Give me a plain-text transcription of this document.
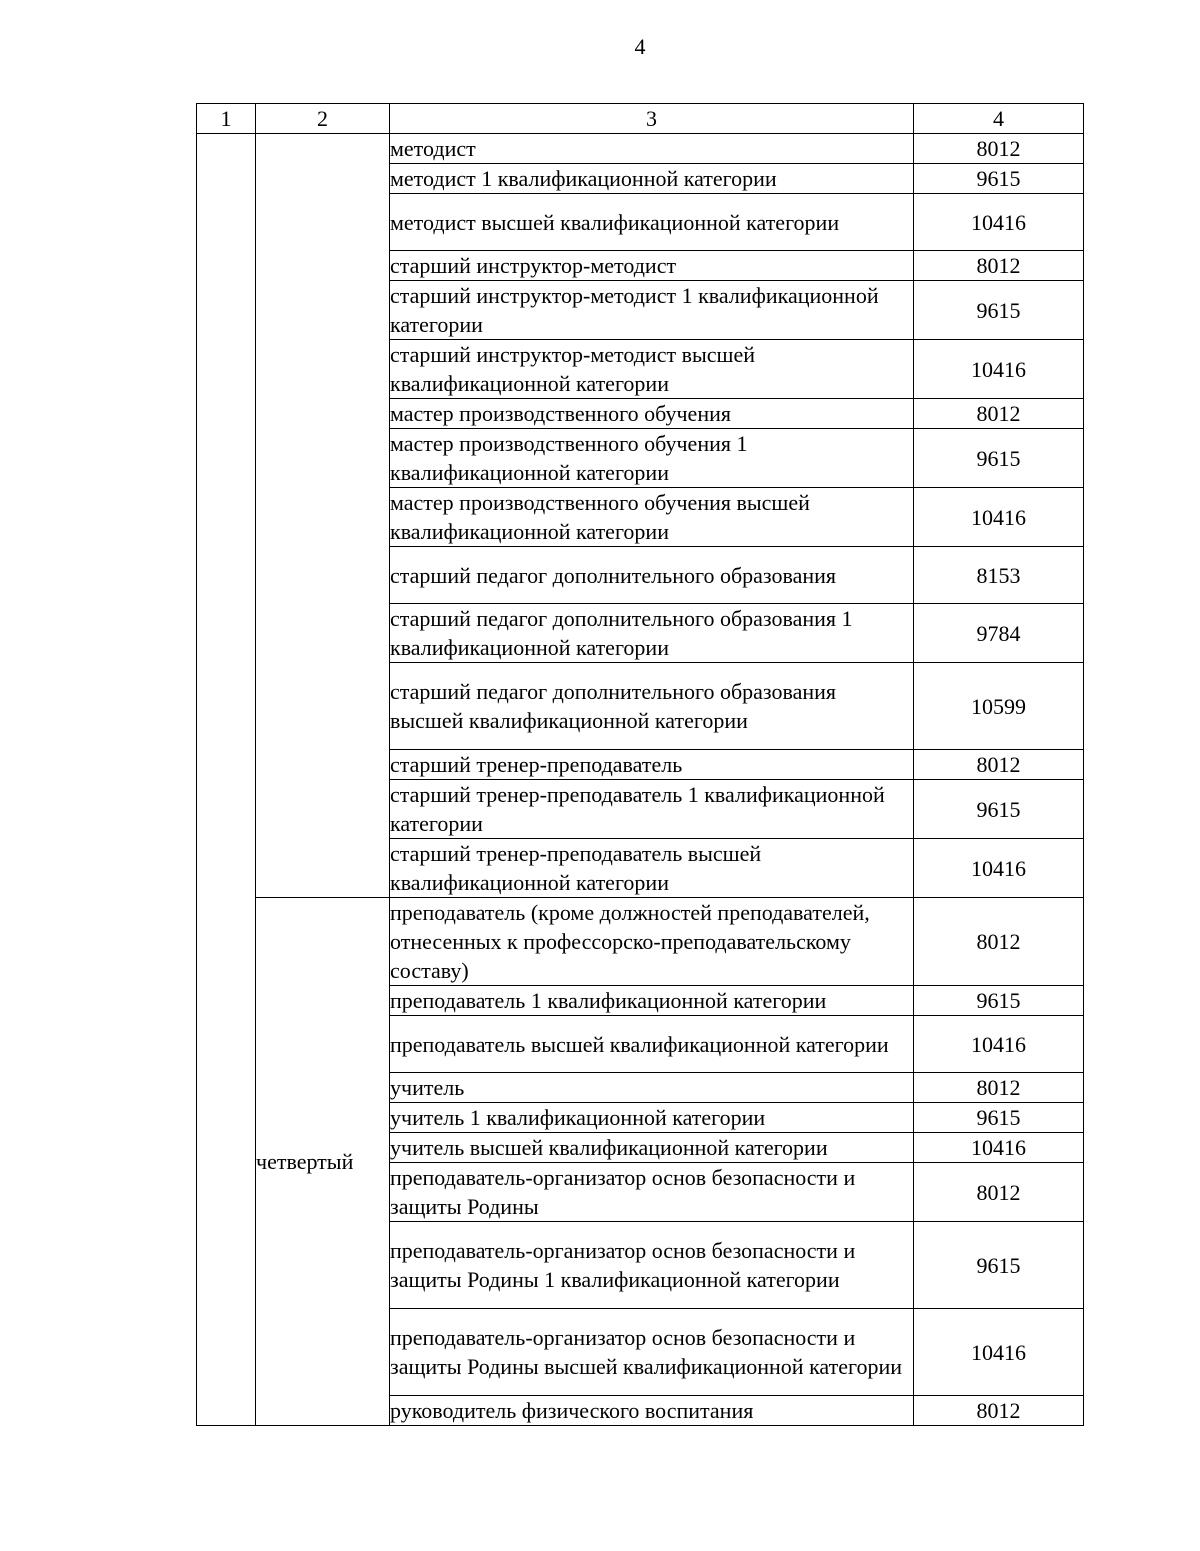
4
1	2	3	4
		методист	8012
		методист 1 квалификационной категории	9615
		методист высшей квалификационной категории	10416
		старший инструктор-методист	8012
		старший инструктор-методист 1 квалификационной категории	9615
		старший инструктор-методист высшей квалификационной категории	10416
		мастер производственного обучения	8012
		мастер производственного обучения 1 квалификационной категории	9615
		мастер производственного обучения высшей квалификационной категории	10416
		старший педагог дополнительного образования	8153
		старший педагог дополнительного образования 1 квалификационной категории	9784
		старший педагог дополнительного образования высшей квалификационной категории	10599
		старший тренер-преподаватель	8012
		старший тренер-преподаватель 1 квалификационной категории	9615
		старший тренер-преподаватель высшей квалификационной категории	10416
	четвертый	преподаватель (кроме должностей преподавателей, отнесенных к профессорско-преподавательскому составу)	8012
		преподаватель 1 квалификационной категории	9615
		преподаватель высшей квалификационной категории	10416
		учитель	8012
		учитель 1 квалификационной категории	9615
		учитель высшей квалификационной категории	10416
		преподаватель-организатор основ безопасности и защиты Родины	8012
		преподаватель-организатор основ безопасности и защиты Родины 1 квалификационной категории	9615
		преподаватель-организатор основ безопасности и защиты Родины высшей квалификационной категории	10416
		руководитель физического воспитания	8012
